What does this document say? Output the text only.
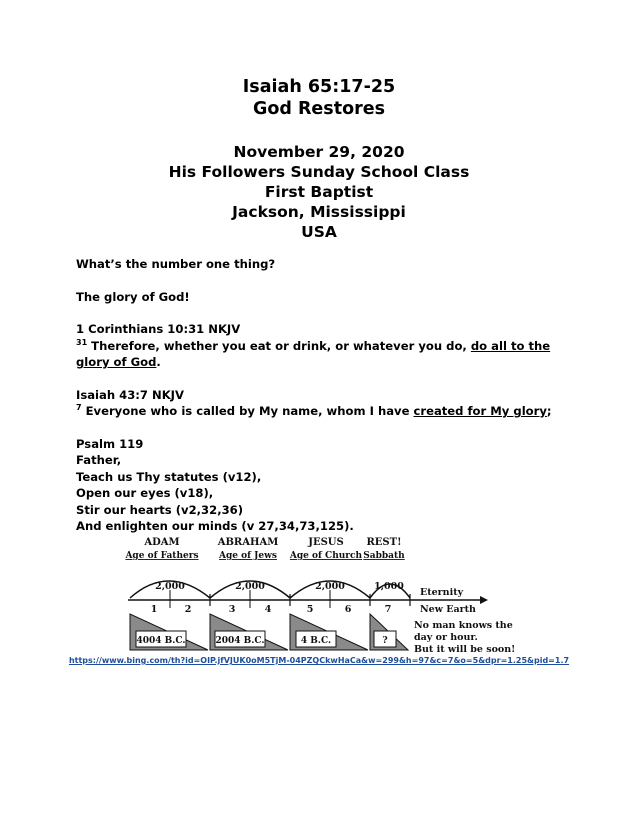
Isaiah 65:17-25
God Restores
November 29, 2020
His Followers Sunday School Class
First Baptist
Jackson, Mississippi
USA

What’s the number one thing?

The glory of God!

1 Corinthians 10:31 NKJV

$^{31}$ Therefore, whether you eat or drink, or whatever you do, do all to the glory of God.

Isaiah 43:7 NKJV

$^7$ Everyone who is called by My name, whom I have created for My glory;

Psalm 119

Father,

Teach us Thy statutes (v12),

Open our eyes (v18),

Stir our hearts (v2,32,36)

And enlighten our minds (v 27,34,73,125).

ADAM
Age of Fathers
ABRAHAM
Age of Jews
JESUS
Age of Church
REST!
Sabbath
2,000	2,000	2,000	1,000
1	2	3	4	5	6	7
4004 B.C.	2004 B.C.	4 B.C.	?
Eternity
New Earth
No man knows the
day or hour.
But it will be soon!
https://www.bing.com/th?id=OIP.jfVJUK0oM5TjM-04PZQCkwHaCa&w=299&h=97&c=7&o=5&dpr=1.25&pid=1.7
